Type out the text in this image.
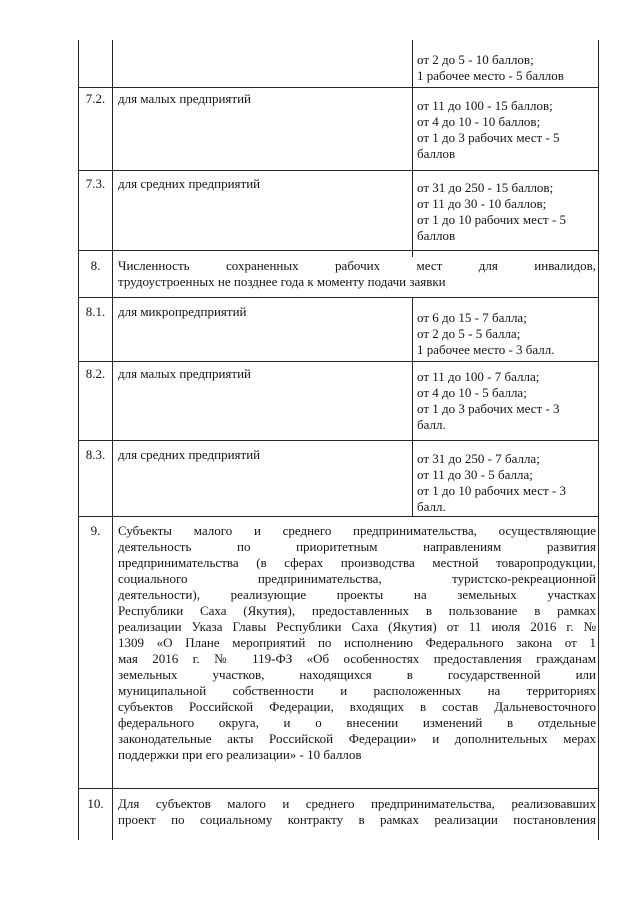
от 2 до 5 - 10 баллов;
1 рабочее место - 5 баллов
7.2. для малых предприятий	от 11 до 100 - 15 баллов;
от 4 до 10 - 10 баллов;
от 1 до 3 рабочих мест - 5
баллов
7.3. для средних предприятий	от 31 до 250 - 15 баллов;
от 11 до 30 - 10 баллов;
от 1 до 10 рабочих мест - 5
баллов
8.	Численность сохраненных рабочих мест для инвалидов,
трудоустроенных не позднее года к моменту подачи заявки
8.1. для микропредприятий	от 6 до 15 - 7 балла;
от 2 до 5 - 5 балла;
1 рабочее место - 3 балл.
8.2. для малых предприятий	от 11 до 100 - 7 балла;
от 4 до 10 - 5 балла;
от 1 до 3 рабочих мест - 3
балл.
8.3. для средних предприятий	от 31 до 250 - 7 балла;
от 11 до 30 - 5 балла;
от 1 до 10 рабочих мест - 3
балл.
9.	Субъекты малого и среднего предпринимательства, осуществляющие
деятельность по приоритетным направлениям развития
предпринимательства (в сферах производства местной товаропродукции,
социального предпринимательства, туристско-рекреационной
деятельности), реализующие проекты на земельных участках
Республики Саха (Якутия), предоставленных в пользование в рамках
реализации Указа Главы Республики Саха (Якутия) от 11 июля 2016 г. №
1309 «О Плане мероприятий по исполнению Федерального закона от 1
мая 2016 г. № 119-ФЗ «Об особенностях предоставления гражданам
земельных участков, находящихся в государственной или
муниципальной собственности и расположенных на территориях
субъектов Российской Федерации, входящих в состав Дальневосточного
федерального округа, и о внесении изменений в отдельные
законодательные акты Российской Федерации» и дополнительных мерах
поддержки при его реализации» - 10 баллов
10.	Для субъектов малого и среднего предпринимательства, реализовавших
проект по социальному контракту в рамках реализации постановления
